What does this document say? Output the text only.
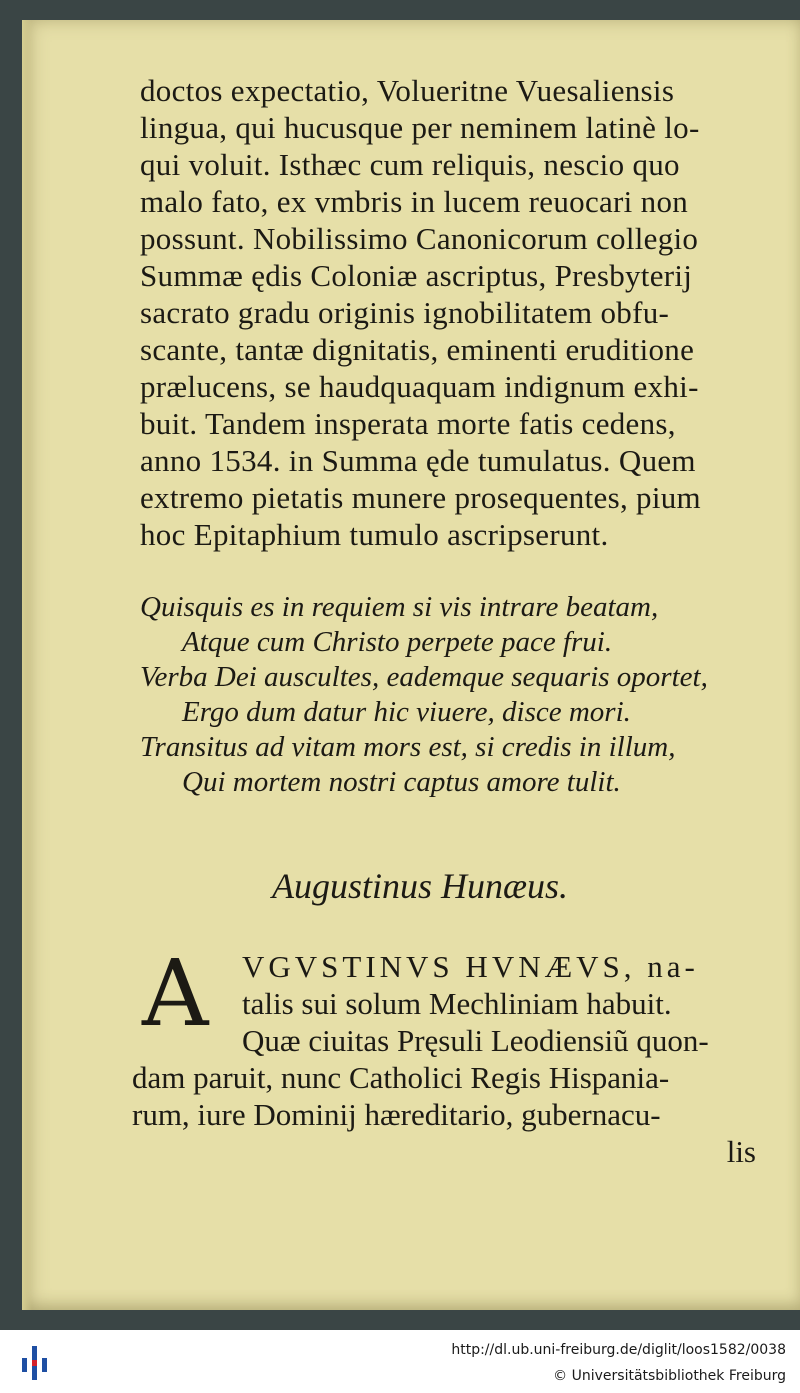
doctos expectatio, Volueritne Vuesaliensis
lingua, qui hucusque per neminem latinè lo-
qui voluit. Isthæc cum reliquis, nescio quo
malo fato, ex vmbris in lucem reuocari non
possunt. Nobilissimo Canonicorum collegio
Summæ ędis Coloniæ ascriptus, Presbyterij
sacrato gradu originis ignobilitatem obfu-
scante, tantæ dignitatis, eminenti eruditione
prælucens, se haudquaquam indignum exhi-
buit. Tandem insperata morte fatis cedens,
anno 1534. in Summa ęde tumulatus. Quem
extremo pietatis munere prosequentes, pium
hoc Epitaphium tumulo ascripserunt.
Quisquis es in requiem si vis intrare beatam,
Atque cum Christo perpete pace frui.
Verba Dei auscultes, eademque sequaris oportet,
Ergo dum datur hic viuere, disce mori.
Transitus ad vitam mors est, si credis in illum,
Qui mortem nostri captus amore tulit.
Augustinus Hunæus.
A	VGVSTINVS HVNÆVS, na-
talis sui solum Mechliniam habuit.
Quæ ciuitas Pręsuli Leodiensiũ quon-
dam paruit, nunc Catholici Regis Hispania-
rum, iure Dominij hæreditario, gubernacu-
lis
http://dl.ub.uni-freiburg.de/diglit/loos1582/0038
© Universitätsbibliothek Freiburg
